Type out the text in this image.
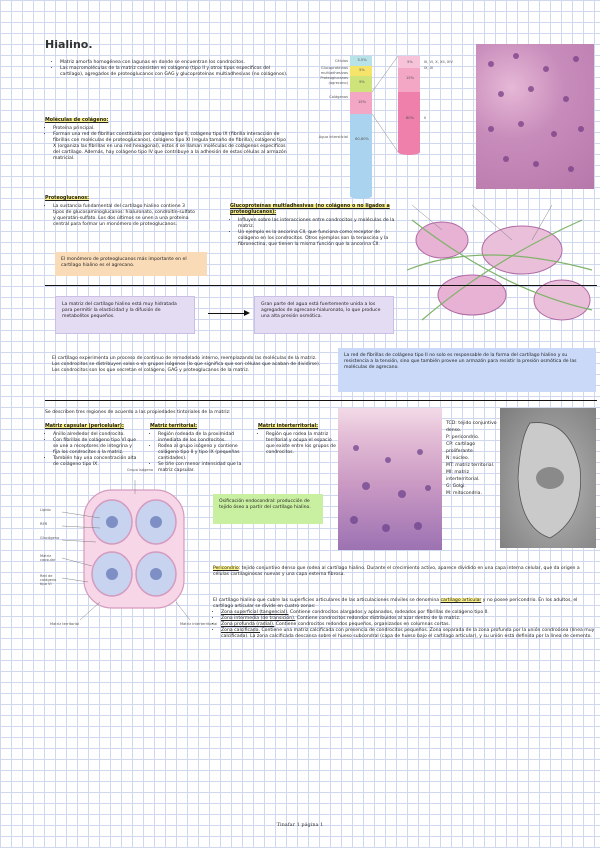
Hialino.
• Matriz amorfa homogénea con lagunas en donde se encuentran los condrocitos.
• Las macromoléculas de la matriz consisten en colágeno (tipo II y otros tipos específicos del cartílago), agregados de proteoglucanos con GAG y glucoproteínas multiadhesivas (no colágenos).
Células
Glucoproteínas multiadhesivas
Proteoglucanos (agrecano)
Colágenos
Agua intersticial
3-5%
5%
9%
15%
60-80%
5%
15%
80%
III, VI, X, XII, XIV
IX, XI
II
Moléculas de colágeno:
• Proteína principal.
• Forman una red de fibrillas constituida por colágeno tipo II, colágeno tipo IX (fibrilla interacción de fibrillas con moléculas de proteoglucanos), colágeno tipo XI (regula tamaño de fibrilla), colágeno tipo X (organiza las fibrillas en una red hexagonal), estos 4 se llaman moléculas de colágenos específicos del cartílago. Además, hay colágeno tipo IV que contribuye a la adhesión de estas células al armazón matricial.
Proteoglucanos:
• La sustancia fundamental del cartílago hialino contiene 3 tipos de glucosaminoglucanos: hialuronato, condroitín-sulfato y queratán-sulfato. Los dos últimos se unen a una proteína central para formar un monómero de proteoglucanos.
El monómero de proteoglucanos más importante en el cartílago hialino es el agrecano.
Glucoproteínas multiadhesivas (no colágeno o no ligados a proteoglucanos):
• Influyen sobre las interacciones entre condrocitos y moléculas de la matriz.
• Un ejemplo es la ancorina CII, que funciona como receptor de colágeno en los condrocitos. Otros ejemplos son la tenascina y la fibronectina, que tienen la misma función que la ancorina CII.
La matriz del cartílago hialino está muy hidratada para permitir la elasticidad y la difusión de metabolitos pequeños.
Gran parte del agua está fuertemente unida a los agregados de agrecano-hialuronato, lo que produce una alta presión osmótica.
El cartílago experimenta un proceso de continuo de remodelado interno, reemplazando las moléculas de la matriz. Los condrocitos se distribuyen solos o en grupos isógenos (lo que significa que son células que acaban de dividirse). Los condrocitos son los que secretan el colágeno, GAG y proteoglucanos de la matriz.
La red de fibrillas de colágeno tipo II no solo es responsable de la forma del cartílago hialino y su resistencia a la tensión, sino que también provee un armazón para resistir la presión osmótica de las moléculas de agrecano.
Se describen tres regiones de acuerdo a las propiedades tintoriales de la matriz:
Matriz capsular (pericelular):
• Anillo alrededor del condrocito.
• Con fibrillas de colágeno tipo VI que se une a receptores de integrina y fija los condrocitos a la matriz.
• También hay una concentración alta de colágeno tipo IX.
Matriz territorial:
• Región rodeada de la proximidad inmediata de los condrocitos.
• Rodea al grupo isógeno y contiene colágeno tipo II y tipo IX (pequeñas cantidades).
• Se tiñe con menor intensidad que la matriz capsular.
Matriz interterritorial:
• Región que rodea la matriz territorial y ocupa el espacio que existe entre los grupos de condrocitos.
TCD: tejido conjuntivo denso.
P: pericondrio.
CP: cartílago proliferante.
N: núcleo.
MT: matriz territorial.
MI: matriz interterritorial.
G: Golgi.
M: mitocondria.
Grupo isógeno
Lípido
RER
Glucógeno
Matriz capsular
Red de colágeno tipo VI
Matriz territorial	Matriz interterritorial
Osificación endocondral: producción de tejido óseo a partir del cartílago hialino.
Pericondrio: tejido conjuntivo denso que rodea al cartílago hialino. Durante el crecimiento activo, aparece dividido en una capa interna celular, que da origen a células cartilaginosas nuevas y una capa externa fibrosa.
El cartílago hialino que cubre las superficies articulares de las articulaciones móviles se denomina cartílago articular y no posee pericondrio. En los adultos, el cartílago articular se divide en cuatro zonas:
• Zona superficial (tangencial). Contiene condrocitos alargados y aplanados, rodeados por fibrillas de colágeno tipo II.
• Zona intermedia (de transición). Contiene condrocitos redondos distribuidos al azar dentro de la matriz.
• Zona profunda (radial). Contiene condrocitos redondos pequeños, organizados en columnas cortas.
• Zona calcificada. Contiene una matriz calcificada con presencia de condrocitos pequeños. Zona separada de la zona profunda por la unión condroósea (línea muy calcificada). La zona calcificada descansa sobre el hueso subcondral (capa de hueso bajo el cartílago articular), y su unión está definida por la línea de cemento.
Tinafar 1 página 1
